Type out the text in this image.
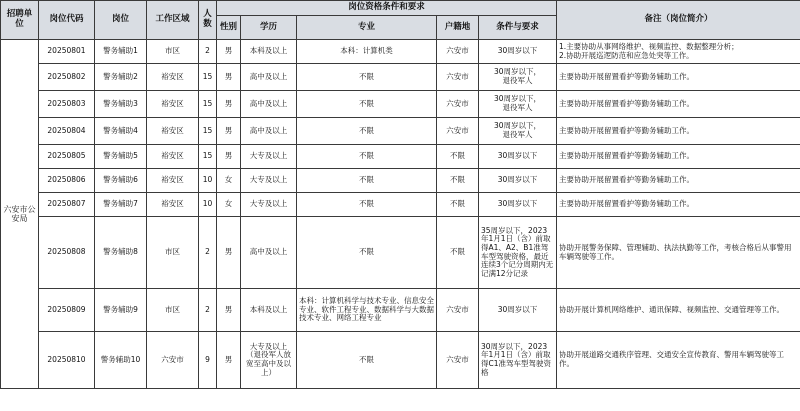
招聘单位	岗位代码	岗位	工作区域	人数	岗位资格条件和要求					备注（岗位简介）
					性别	学历	专业	户籍地	条件与要求	
六安市公安局	20250801	警务辅助1	市区	2	男	本科及以上	本科：计算机类	六安市	30周岁以下	1.主要协助从事网络维护、视频监控、数据整理分析；
2.协助开展巡逻防范和应急处突等工作。
	20250802	警务辅助2	裕安区	15	男	高中及以上	不限	六安市	30周岁以下，
退役军人	主要协助开展留置看护等勤务辅助工作。
	20250803	警务辅助3	裕安区	15	男	高中及以上	不限	六安市	30周岁以下，
退役军人	主要协助开展留置看护等勤务辅助工作。
	20250804	警务辅助4	裕安区	15	男	高中及以上	不限	六安市	30周岁以下，
退役军人	主要协助开展留置看护等勤务辅助工作。
	20250805	警务辅助5	裕安区	15	男	大专及以上	不限	不限	30周岁以下	主要协助开展留置看护等勤务辅助工作。
	20250806	警务辅助6	裕安区	10	女	大专及以上	不限	不限	30周岁以下	主要协助开展留置看护等勤务辅助工作。
	20250807	警务辅助7	裕安区	10	女	大专及以上	不限	不限	30周岁以下	主要协助开展留置看护等勤务辅助工作。
	20250808	警务辅助8	市区	2	男	高中及以上	不限	不限	35周岁以下，2023年1月1日（含）前取得A1、A2、B1准驾车型驾驶资格，最近连续3个记分周期内无记满12分记录	协助开展警务保障、管理辅助、执法执勤等工作，考核合格后从事警用车辆驾驶等工作。
	20250809	警务辅助9	市区	2	男	本科及以上	本科：计算机科学与技术专业、信息安全专业、软件工程专业、数据科学与大数据技术专业、网络工程专业	六安市	30周岁以下	协助开展计算机网络维护、通讯保障、视频监控、交通管理等工作。
	20250810	警务辅助10	六安市	9	男	大专及以上（退役军人放宽至高中及以上）	不限	六安市	30周岁以下，2023年1月1日（含）前取得C1准驾车型驾驶资格	协助开展道路交通秩序管理、交通安全宣传教育、警用车辆驾驶等工作。
